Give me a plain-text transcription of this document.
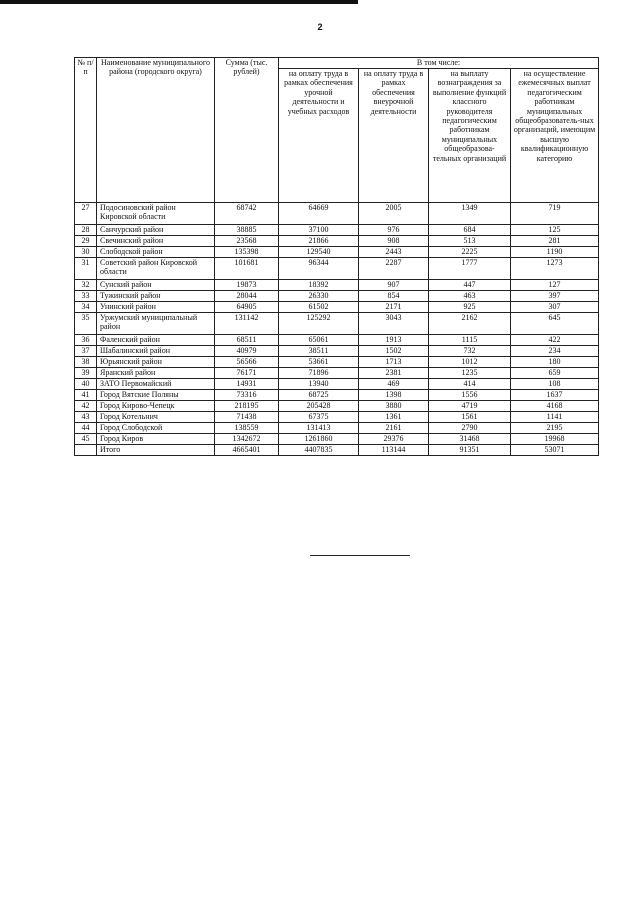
2
№ п/п	Наименование муниципального района (городского округа)	Сумма (тыс. рублей)	В том числе:			
			на оплату труда в рамках обеспечения урочной деятельности и учебных расходов	на оплату труда в рамках обеспечения внеурочной деятельности	на выплату вознаграждения за выполнение функций классного руководителя педагогическим работникам муниципальных общеобразова-тельных организаций	на осуществление ежемесячных выплат педагогическим работникам муниципальных общеобразователь-ных организаций, имеющим высшую квалификационную категорию
27	Подосиновский район Кировской области	68742	64669	2005	1349	719
28	Санчурский район	38885	37100	976	684	125
29	Свечинский район	23568	21866	908	513	281
30	Слободской район	135398	129540	2443	2225	1190
31	Советский район Кировской области	101681	96344	2287	1777	1273
32	Сунский район	19873	18392	907	447	127
33	Тужинский район	28044	26330	854	463	397
34	Унинский район	64905	61502	2171	925	307
35	Уржумский муниципальный район	131142	125292	3043	2162	645
36	Фаленский район	68511	65061	1913	1115	422
37	Шабалинский район	40979	38511	1502	732	234
38	Юрьянский район	56566	53661	1713	1012	180
39	Яранский район	76171	71896	2381	1235	659
40	ЗАТО Первомайский	14931	13940	469	414	108
41	Город Вятские Поляны	73316	68725	1398	1556	1637
42	Город Кирово-Чепецк	218195	205428	3880	4719	4168
43	Город Котельнич	71438	67375	1361	1561	1141
44	Город Слободской	138559	131413	2161	2790	2195
45	Город Киров	1342672	1261860	29376	31468	19968
	Итого	4665401	4407835	113144	91351	53071
